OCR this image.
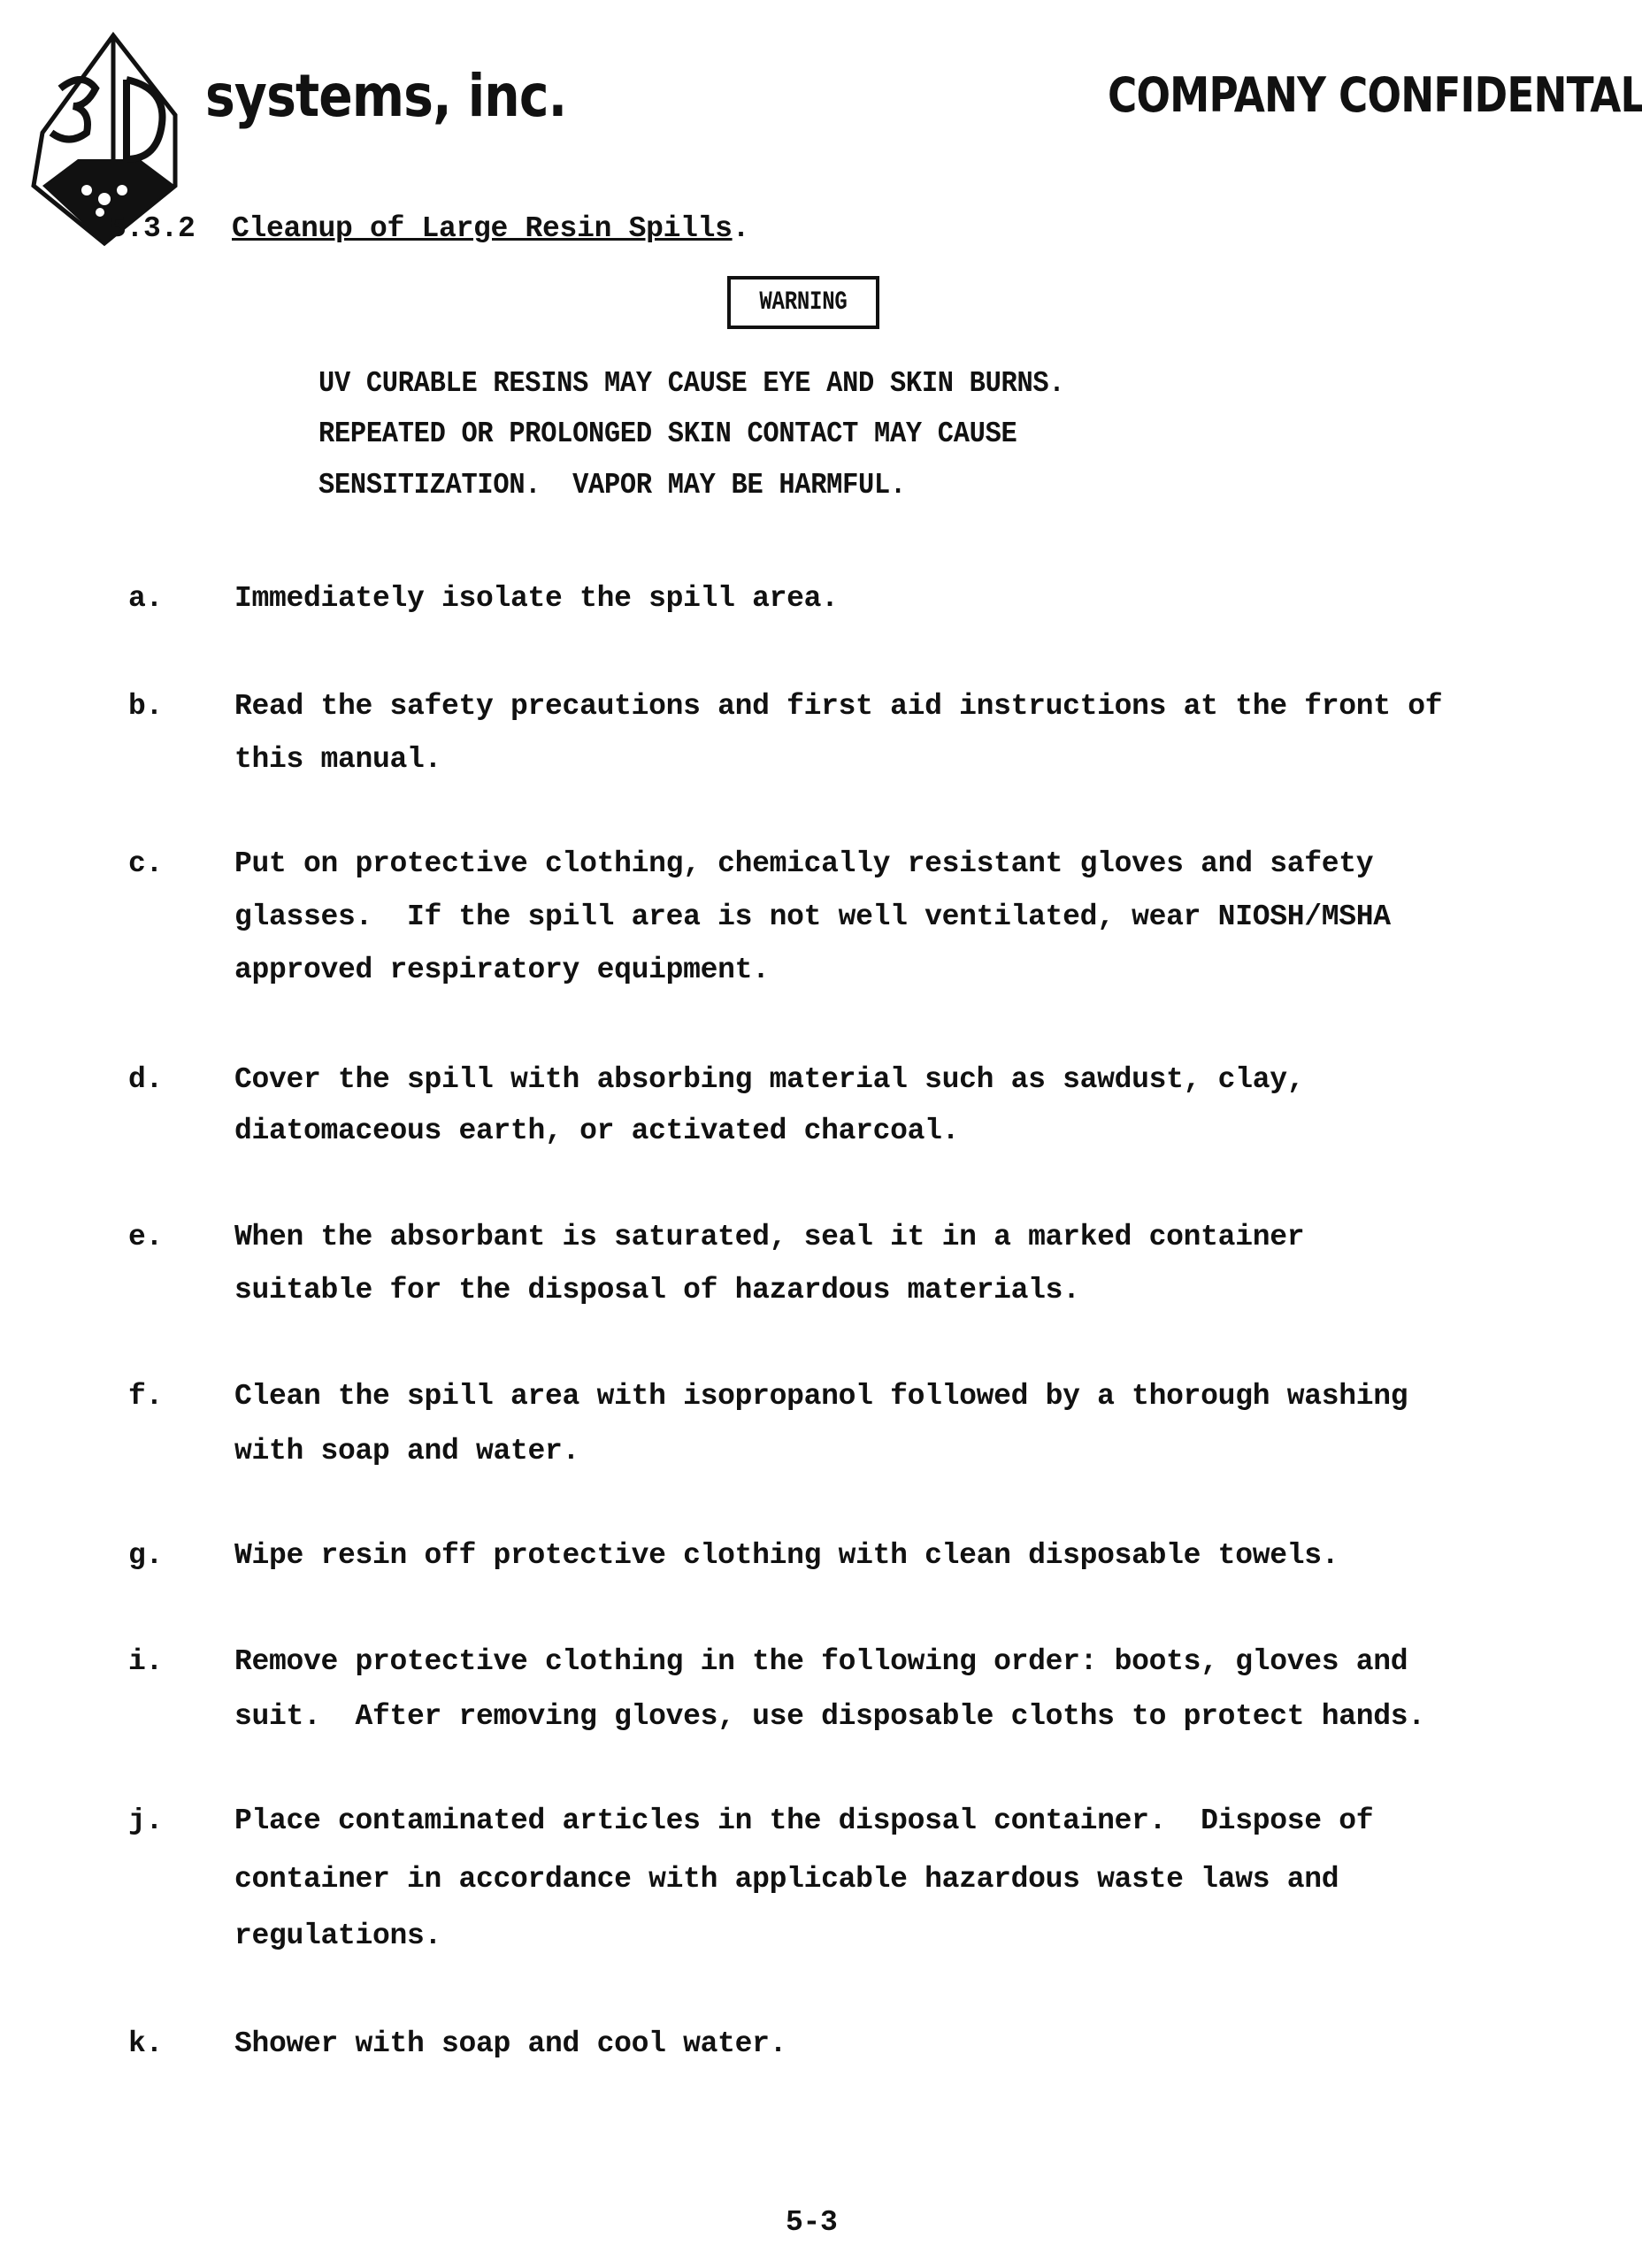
systems, inc.	COMPANY CONFIDENTAL
5.3.2 Cleanup of Large Resin Spills.
WARNING
UV CURABLE RESINS MAY CAUSE EYE AND SKIN BURNS.
REPEATED OR PROLONGED SKIN CONTACT MAY CAUSE
SENSITIZATION.  VAPOR MAY BE HARMFUL.
a. Immediately isolate the spill area.
b. Read the safety precautions and first aid instructions at the front of
this manual.
c. Put on protective clothing, chemically resistant gloves and safety
glasses.  If the spill area is not well ventilated, wear NIOSH/MSHA
approved respiratory equipment.
d. Cover the spill with absorbing material such as sawdust, clay,
diatomaceous earth, or activated charcoal.
e. When the absorbant is saturated, seal it in a marked container
suitable for the disposal of hazardous materials.
f. Clean the spill area with isopropanol followed by a thorough washing
with soap and water.
g. Wipe resin off protective clothing with clean disposable towels.
i. Remove protective clothing in the following order: boots, gloves and
suit.  After removing gloves, use disposable cloths to protect hands.
j. Place contaminated articles in the disposal container.  Dispose of
container in accordance with applicable hazardous waste laws and
regulations.
k. Shower with soap and cool water.
5-3
